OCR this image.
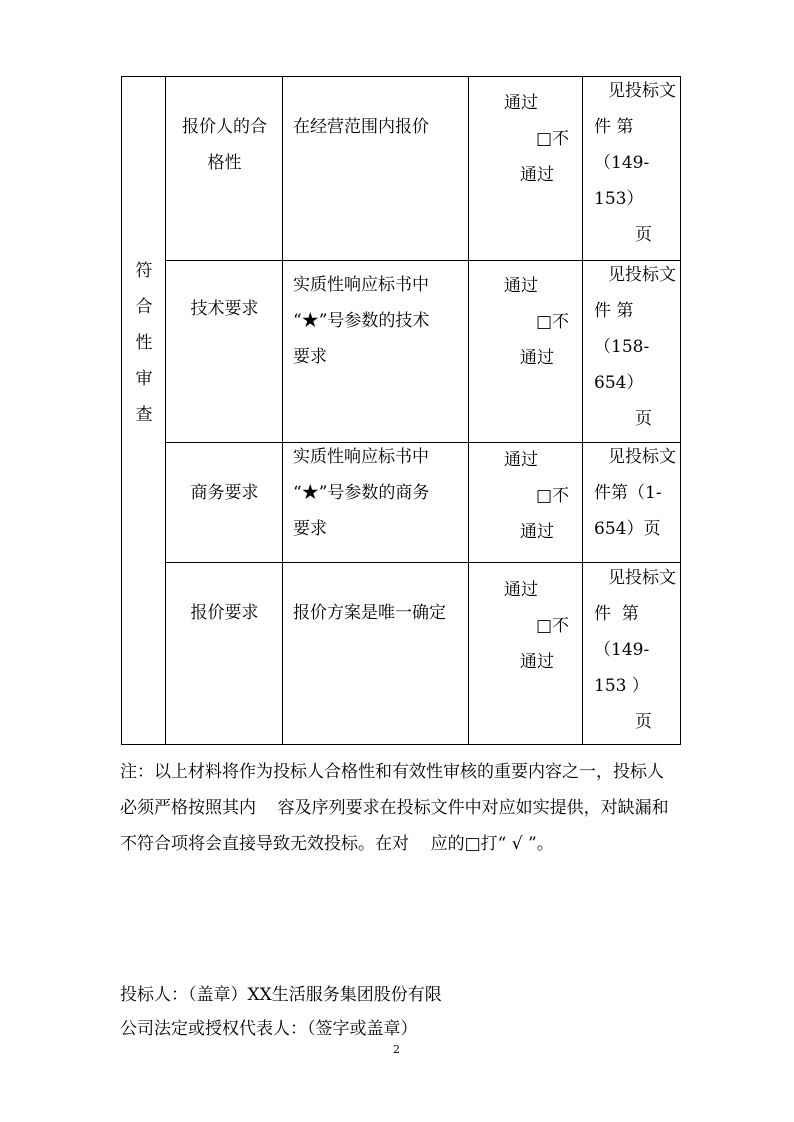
符
合
性
审
查
报价人的合
格性
在经营范围内报价
通过
□不
通过
见投标文
件 第
（149-
153）
页
技术要求
实质性响应标书中
“★”号参数的技术
要求
通过
□不
通过
见投标文
件 第
（158-
654）
页
商务要求
实质性响应标书中
“★”号参数的商务
要求
通过
□不
通过
见投标文
件第（1-
654）页
报价要求	报价方案是唯一确定
通过
□不
通过
见投标文
件  第
（149-
153 ）
页
注：以上材料将作为投标人合格性和有效性审核的重要内容之一，投标人
必须严格按照其内    容及序列要求在投标文件中对应如实提供，对缺漏和
不符合项将会直接导致无效投标。在对    应的□打“ √ ”。
投标人：（盖章）XX生活服务集团股份有限
公司法定或授权代表人：（签字或盖章）
2
